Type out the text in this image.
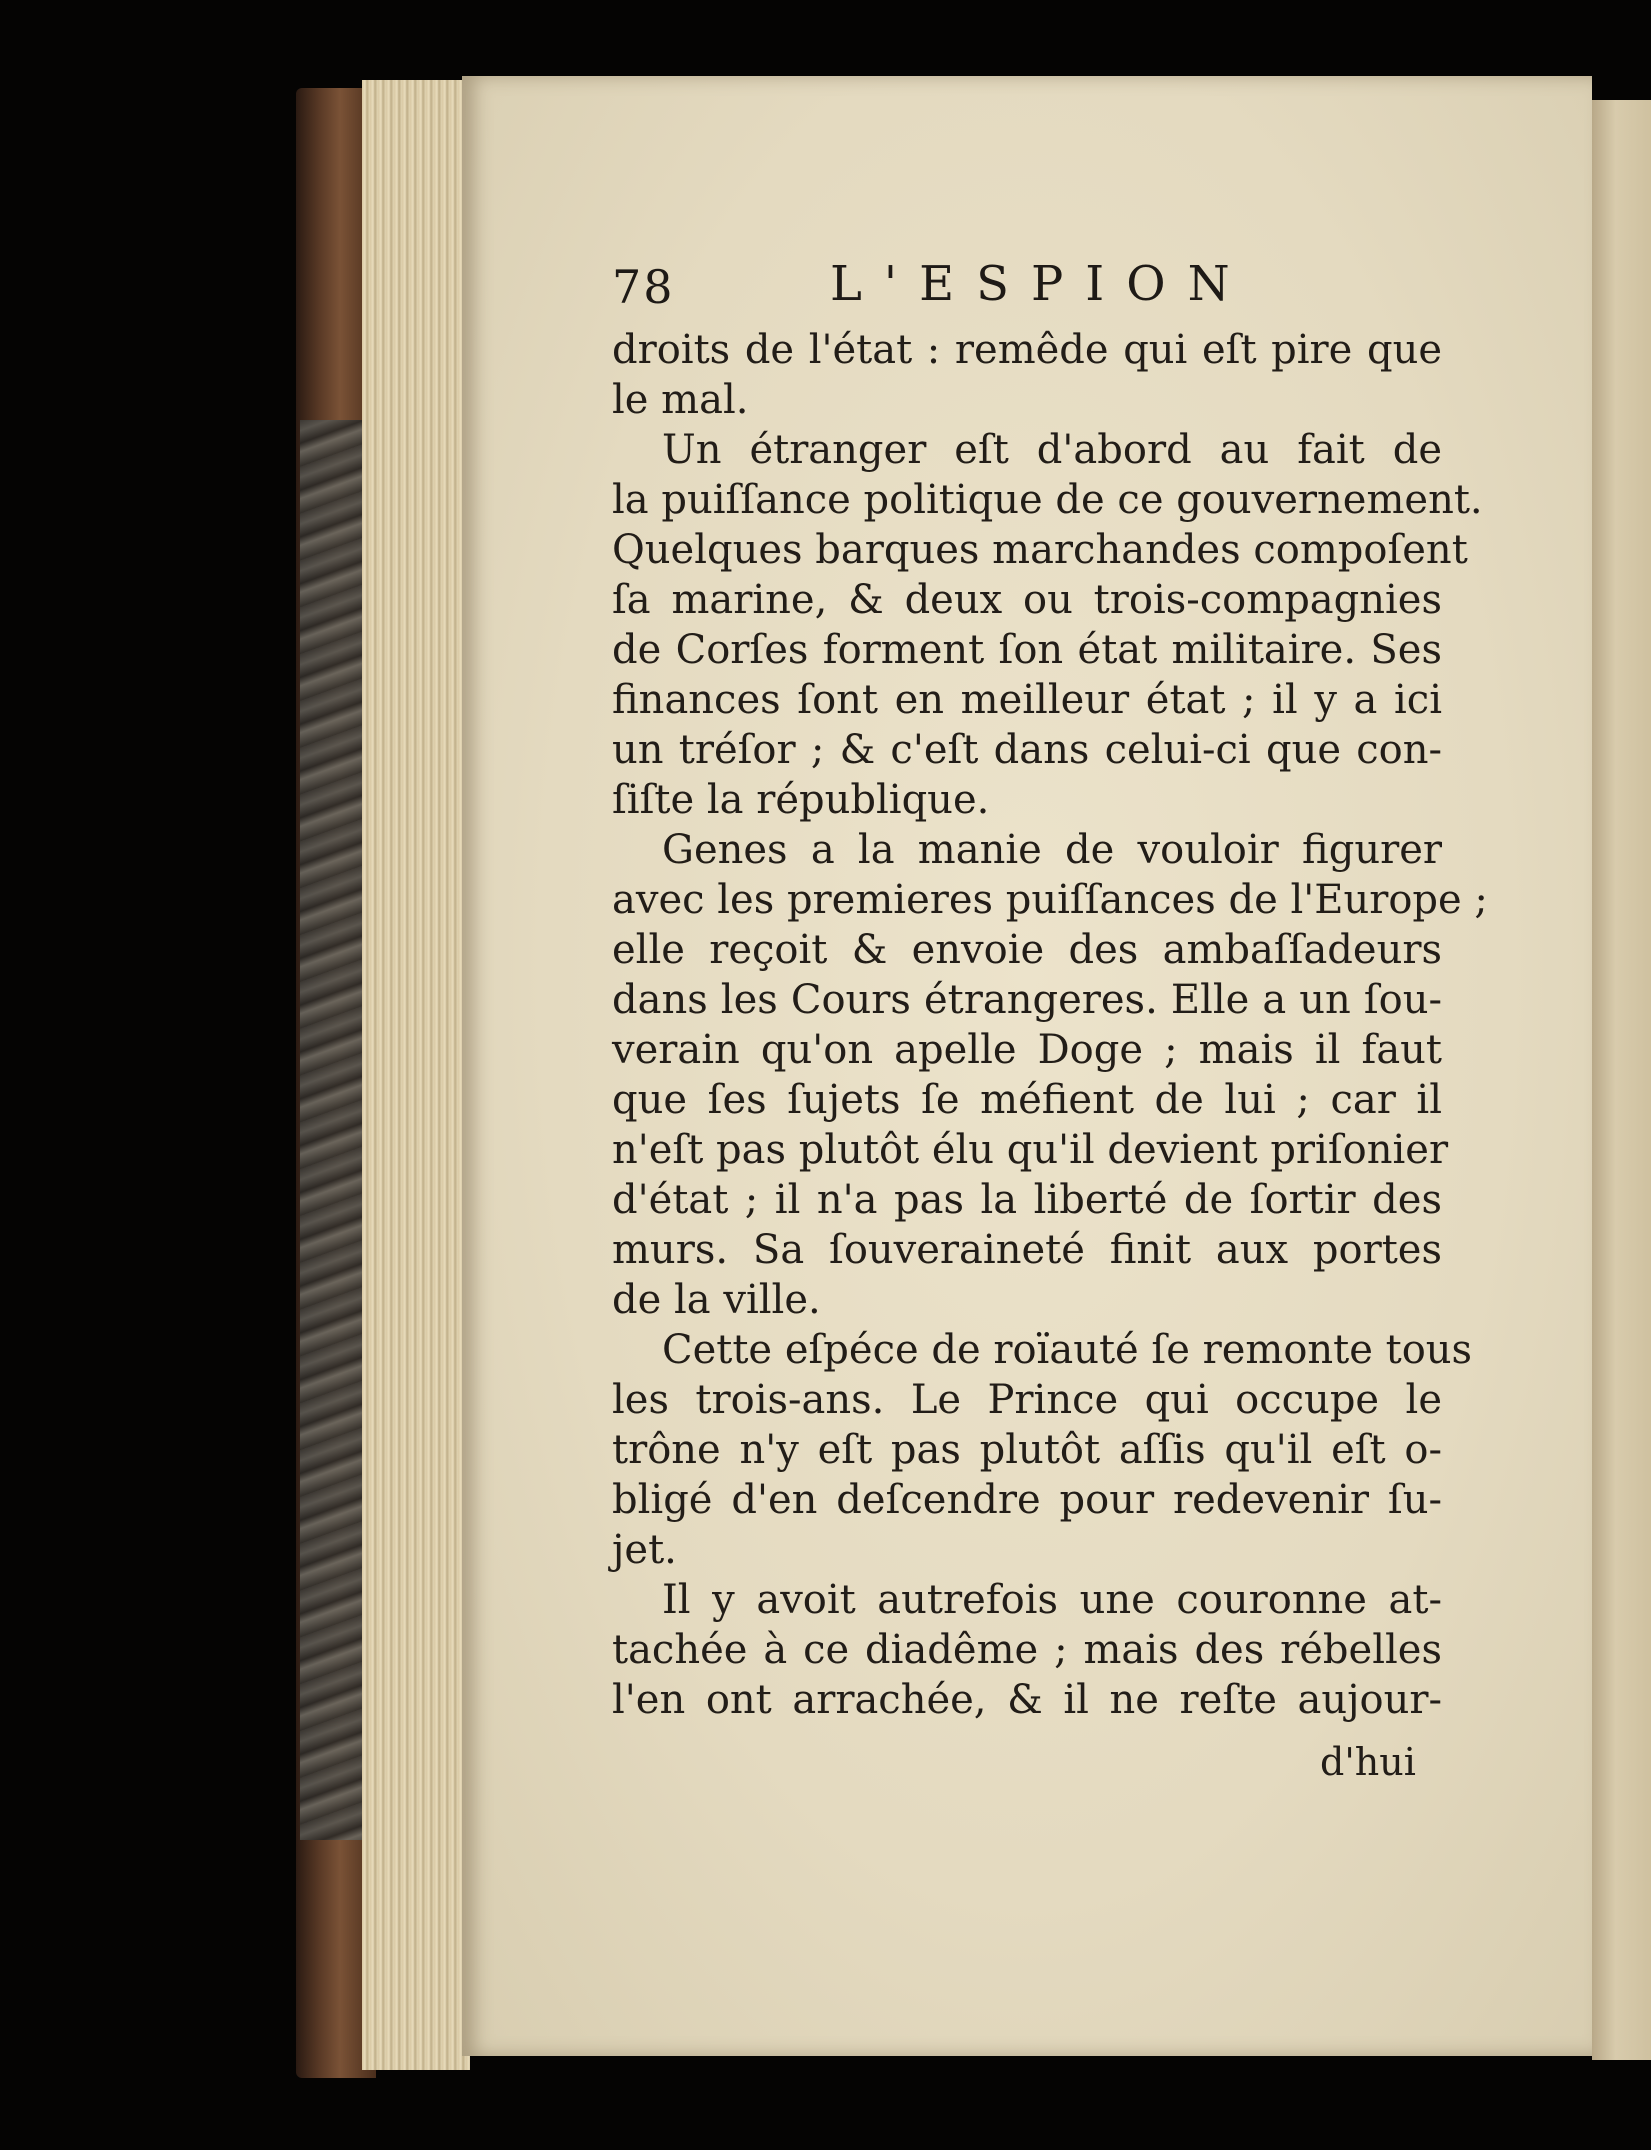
78	L'ESPION
droits de l'état : remêde qui eſt pire que
le mal.
Un étranger eſt d'abord au fait de
la puiſſance politique de ce gouvernement.
Quelques barques marchandes compoſent
ſa marine, & deux ou trois-compagnies
de Corſes forment ſon état militaire. Ses
finances ſont en meilleur état ; il y a ici
un tréſor ; & c'eſt dans celui-ci que con-
ſiſte la république.
Genes a la manie de vouloir figurer
avec les premieres puiſſances de l'Europe ;
elle reçoit & envoie des ambaſſadeurs
dans les Cours étrangeres. Elle a un ſou-
verain qu'on apelle Doge ; mais il faut
que ſes ſujets ſe méfient de lui ; car il
n'eſt pas plutôt élu qu'il devient priſonier
d'état ; il n'a pas la liberté de ſortir des
murs. Sa ſouveraineté finit aux portes
de la ville.
Cette eſpéce de roïauté ſe remonte tous
les trois-ans. Le Prince qui occupe le
trône n'y eſt pas plutôt aſſis qu'il eſt o-
bligé d'en deſcendre pour redevenir ſu-
jet.
Il y avoit autrefois une couronne at-
tachée à ce diadême ; mais des rébelles
l'en ont arrachée, & il ne reſte aujour-
d'hui
